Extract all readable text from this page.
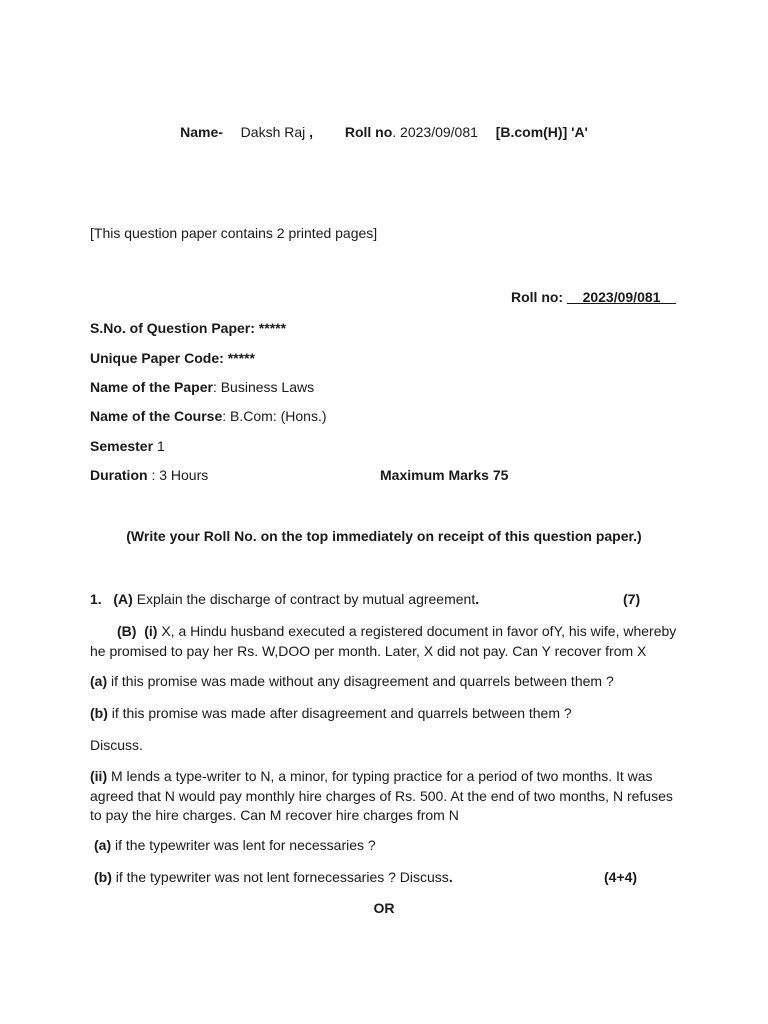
Name- Daksh Raj , Roll no. 2023/09/081 [B.com(H)] 'A'
[This question paper contains 2 printed pages]
Roll no: __2023/09/081__
S.No. of Question Paper: *****
Unique Paper Code: *****
Name of the Paper: Business Laws
Name of the Course: B.Com: (Hons.)
Semester 1
Duration : 3 Hours	Maximum Marks 75
(Write your Roll No. on the top immediately on receipt of this question paper.)
1. (A) Explain the discharge of contract by mutual agreement.	(7)
(B) (i) X, a Hindu husband executed a registered document in favor ofY, his wife, whereby he promised to pay her Rs. W,DOO per month. Later, X did not pay. Can Y recover from X
(a) if this promise was made without any disagreement and quarrels between them ?
(b) if this promise was made after disagreement and quarrels between them ?
Discuss.
(ii) M lends a type-writer to N, a minor, for typing practice for a period of two months. It was agreed that N would pay monthly hire charges of Rs. 500. At the end of two months, N refuses to pay the hire charges. Can M recover hire charges from N
(a) if the typewriter was lent for necessaries ?
(b) if the typewriter was not lent fornecessaries ? Discuss.	(4+4)
OR
